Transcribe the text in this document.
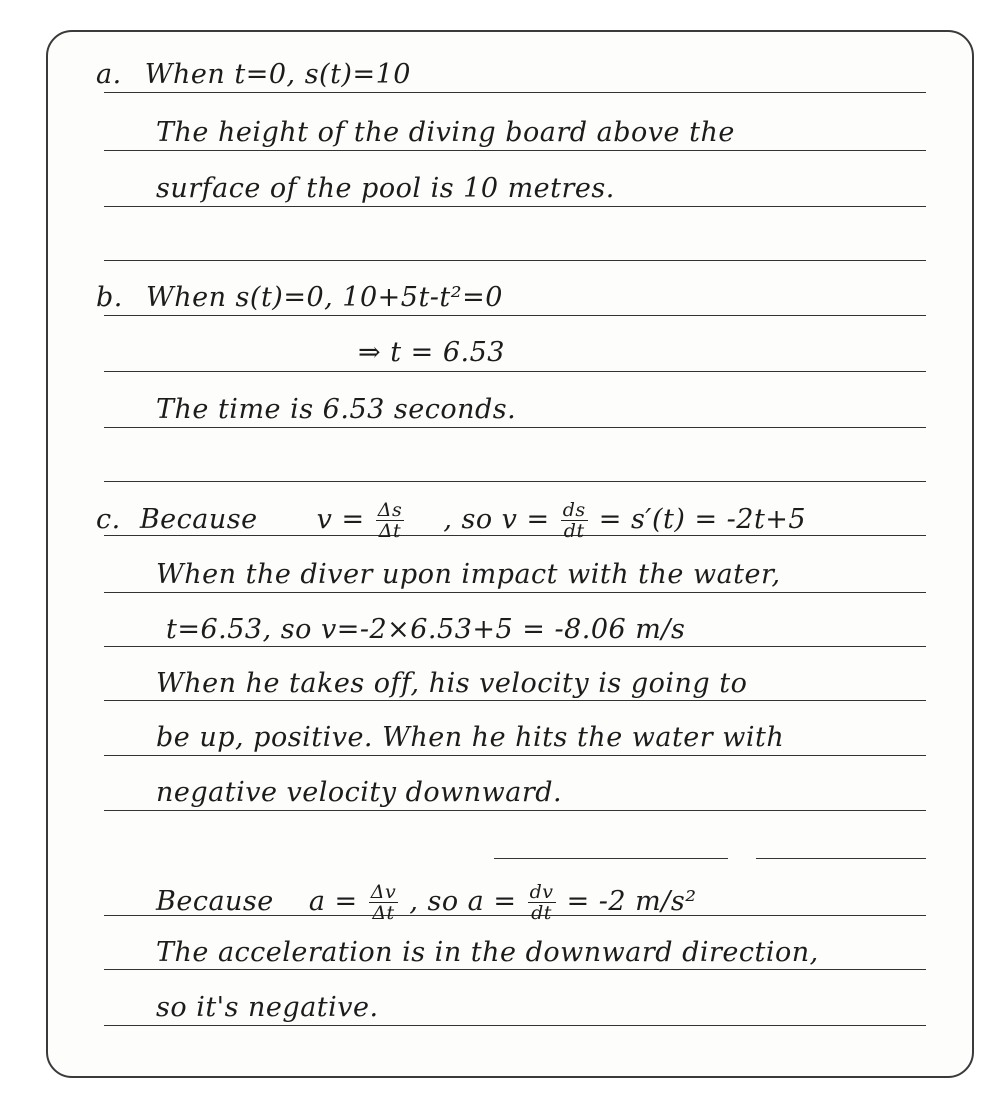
a. When t=0, s(t)=10
The height of the diving board above the
surface of the pool is 10 metres.
b. When s(t)=0, 10+5t-t²=0
⇒ t = 6.53
The time is 6.53 seconds.
c. Because $v = \frac{\Delta s}{\Delta t}$ , so $v = \frac{ds}{dt} = s'(t) = -2t+5$
When the diver upon impact with the water,
t=6.53, so v=-2×6.53+5 = -8.06 m/s
When he takes off, his velocity is going to
be up, positive. When he hits the water with
negative velocity downward.
Because $a = \frac{\Delta v}{\Delta t}$ , so $a = \frac{dv}{dt} = -2$ m/s²
The acceleration is in the downward direction,
so it's negative.
